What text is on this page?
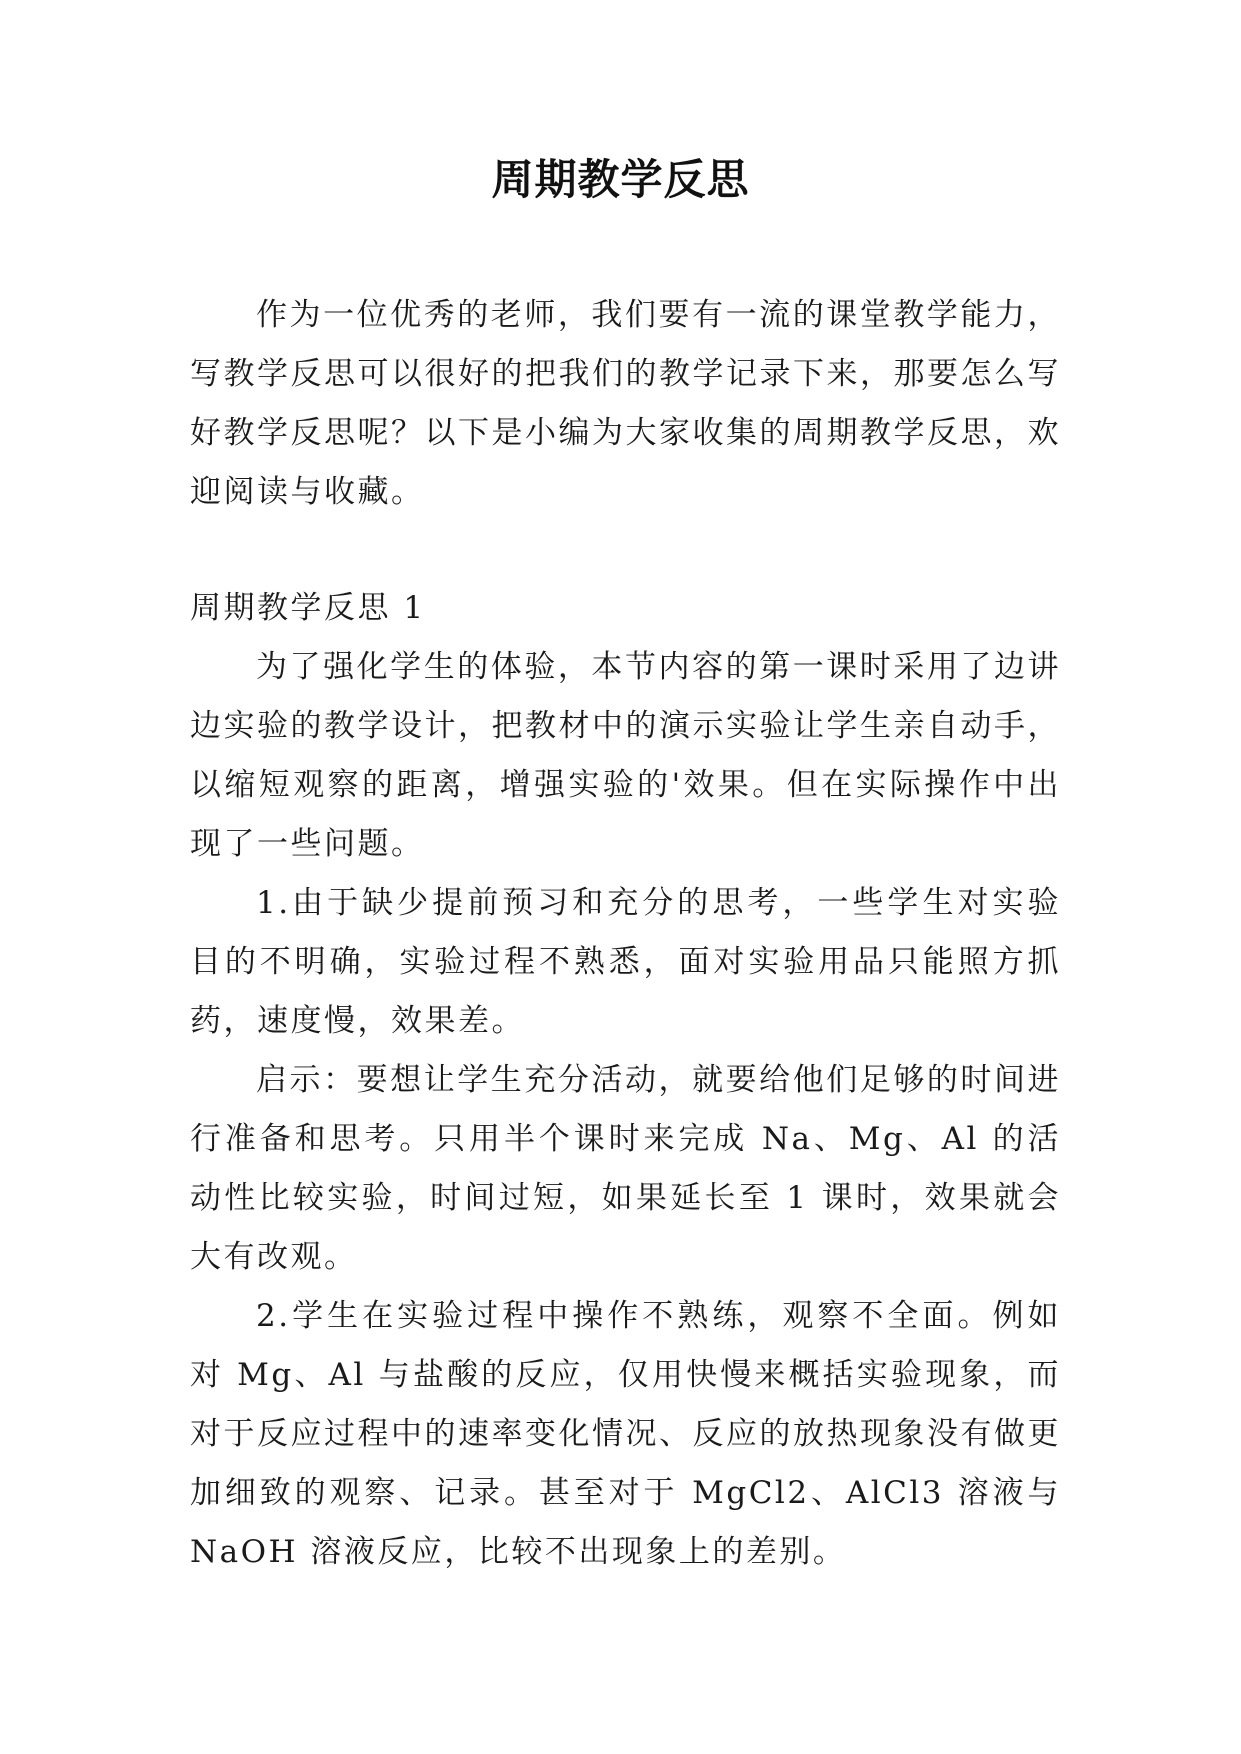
周期教学反思

作为一位优秀的老师，我们要有一流的课堂教学能力，写教学反思可以很好的把我们的教学记录下来，那要怎么写好教学反思呢？以下是小编为大家收集的周期教学反思，欢迎阅读与收藏。

周期教学反思 1

为了强化学生的体验，本节内容的第一课时采用了边讲边实验的教学设计，把教材中的演示实验让学生亲自动手，以缩短观察的距离，增强实验的'效果。但在实际操作中出现了一些问题。

1.由于缺少提前预习和充分的思考，一些学生对实验目的不明确，实验过程不熟悉，面对实验用品只能照方抓药，速度慢，效果差。

启示：要想让学生充分活动，就要给他们足够的时间进行准备和思考。只用半个课时来完成 Na、Mg、Al 的活动性比较实验，时间过短，如果延长至 1 课时，效果就会大有改观。

2.学生在实验过程中操作不熟练，观察不全面。例如对 Mg、Al 与盐酸的反应，仅用快慢来概括实验现象，而对于反应过程中的速率变化情况、反应的放热现象没有做更加细致的观察、记录。甚至对于 MgCl2、AlCl3 溶液与 NaOH 溶液反应，比较不出现象上的差别。
